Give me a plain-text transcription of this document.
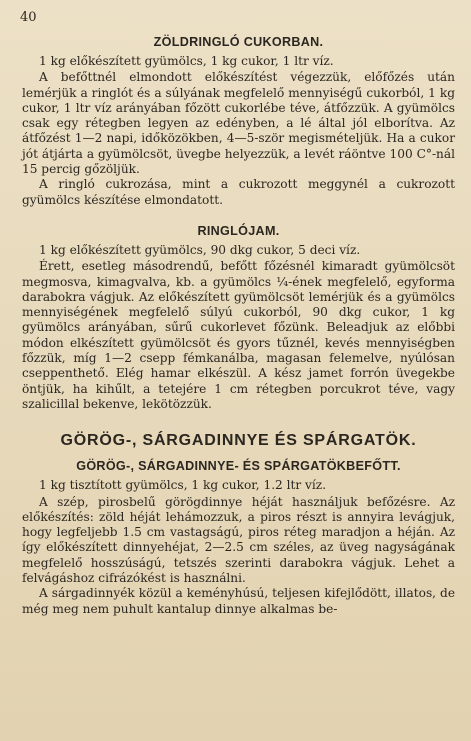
40
ZÖLDRINGLÓ CUKORBAN.

1 kg előkészített gyümölcs, 1 kg cukor, 1 ltr víz.

A befőttnél elmondott előkészítést végezzük, előfőzés után lemérjük a ringlót és a súlyának megfelelő mennyiségű cukorból, 1 kg cukor, 1 ltr víz arányában főzött cukorlébe téve, átfőzzük. A gyümölcs csak egy rétegben legyen az edényben, a lé által jól elborítva. Az átfőzést 1—2 napi, időközökben, 4—5-ször megismételjük. Ha a cukor jót átjárta a gyümölcsöt, üvegbe helyezzük, a levét ráöntve 100 C°-nál 15 percig gőzöljük.

A ringló cukrozása, mint a cukrozott meggynél a cukrozott gyümölcs készítése elmondatott.

RINGLÓJAM.

1 kg előkészített gyümölcs, 90 dkg cukor, 5 deci víz.

Érett, esetleg másodrendű, befőtt főzésnél kimaradt gyümölcsöt megmosva, kimagvalva, kb. a gyümölcs ¼-ének megfelelő, egyforma darabokra vágjuk. Az előkészített gyümölcsöt lemérjük és a gyümölcs mennyiségének megfelelő súlyú cukorból, 90 dkg cukor, 1 kg gyümölcs arányában, sűrű cukorlevet főzünk. Beleadjuk az előbbi módon elkészített gyümölcsöt és gyors tűznél, kevés mennyiségben főzzük, míg 1—2 csepp fémkanálba, magasan felemelve, nyúlósan cseppenthető. Elég hamar elkészül. A kész jamet forrón üvegekbe öntjük, ha kihűlt, a tetejére 1 cm rétegben porcukrot téve, vagy szalicillal bekenve, lekötözzük.

GÖRÖG-, SÁRGADINNYE ÉS SPÁRGATÖK.
GÖRÖG-, SÁRGADINNYE- ÉS SPÁRGATÖKBEFŐTT.

1 kg tisztított gyümölcs, 1 kg cukor, 1.2 ltr víz.

A szép, pirosbelű görögdinnye héját használjuk befőzésre. Az előkészítés: zöld héját lehámozzuk, a piros részt is annyira levágjuk, hogy legfeljebb 1.5 cm vastagságú, piros réteg maradjon a héján. Az így előkészített dinnyehéjat, 2—2.5 cm széles, az üveg nagyságának megfelelő hosszúságú, tetszés szerinti darabokra vágjuk. Lehet a felvágáshoz cifrázókést is használni.

A sárgadinnyék közül a keményhúsú, teljesen kifejlődött, illatos, de még meg nem puhult kantalup dinnye alkalmas be-
